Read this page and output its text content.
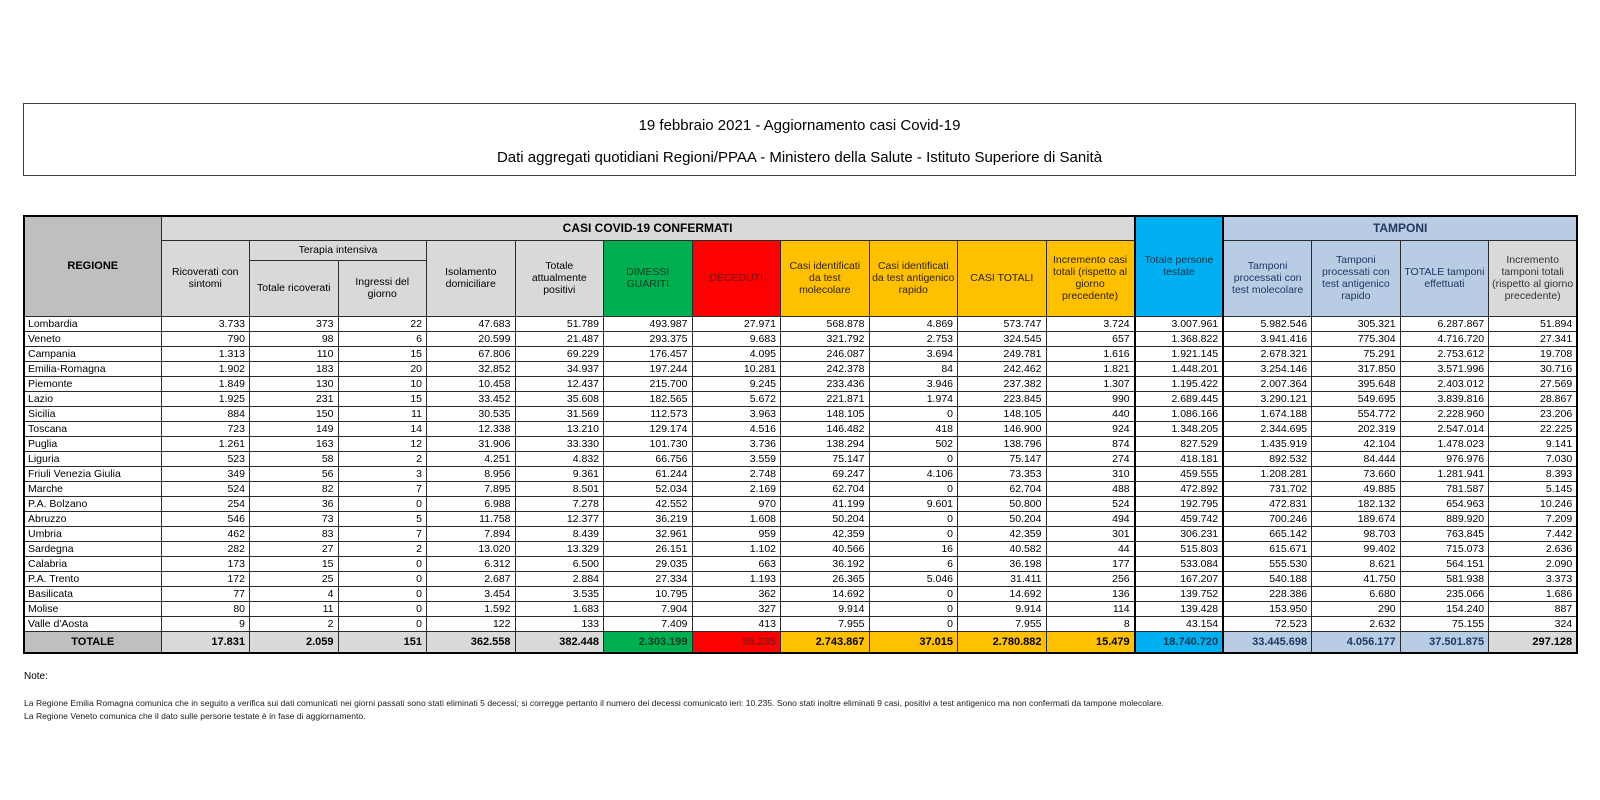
19 febbraio 2021 - Aggiornamento casi Covid-19
Dati aggregati quotidiani Regioni/PPAA - Ministero della Salute - Istituto Superiore di Sanità
REGIONE	CASI COVID-19 CONFERMATI											Totale persone testate	TAMPONI			
	Ricoverati con sintomi	Terapia intensiva		Isolamento domiciliare	Totale attualmente positivi	DIMESSI GUARITI	DECEDUTI	Casi identificati da test molecolare	Casi identificati da test antigenico rapido	CASI TOTALI	Incremento casi totali (rispetto al giorno precedente)		Tamponi processati con test molecolare	Tamponi processati con test antigenico rapido	TOTALE tamponi effettuati	Incremento tamponi totali (rispetto al giorno precedente)
		Totale ricoverati	Ingressi del giorno													
Lombardia	3.733	373	22	47.683	51.789	493.987	27.971	568.878	4.869	573.747	3.724	3.007.961	5.982.546	305.321	6.287.867	51.894
Veneto	790	98	6	20.599	21.487	293.375	9.683	321.792	2.753	324.545	657	1.368.822	3.941.416	775.304	4.716.720	27.341
Campania	1.313	110	15	67.806	69.229	176.457	4.095	246.087	3.694	249.781	1.616	1.921.145	2.678.321	75.291	2.753.612	19.708
Emilia-Romagna	1.902	183	20	32.852	34.937	197.244	10.281	242.378	84	242.462	1.821	1.448.201	3.254.146	317.850	3.571.996	30.716
Piemonte	1.849	130	10	10.458	12.437	215.700	9.245	233.436	3.946	237.382	1.307	1.195.422	2.007.364	395.648	2.403.012	27.569
Lazio	1.925	231	15	33.452	35.608	182.565	5.672	221.871	1.974	223.845	990	2.689.445	3.290.121	549.695	3.839.816	28.867
Sicilia	884	150	11	30.535	31.569	112.573	3.963	148.105	0	148.105	440	1.086.166	1.674.188	554.772	2.228.960	23.206
Toscana	723	149	14	12.338	13.210	129.174	4.516	146.482	418	146.900	924	1.348.205	2.344.695	202.319	2.547.014	22.225
Puglia	1.261	163	12	31.906	33.330	101.730	3.736	138.294	502	138.796	874	827.529	1.435.919	42.104	1.478.023	9.141
Liguria	523	58	2	4.251	4.832	66.756	3.559	75.147	0	75.147	274	418.181	892.532	84.444	976.976	7.030
Friuli Venezia Giulia	349	56	3	8.956	9.361	61.244	2.748	69.247	4.106	73.353	310	459.555	1.208.281	73.660	1.281.941	8.393
Marche	524	82	7	7.895	8.501	52.034	2.169	62.704	0	62.704	488	472.892	731.702	49.885	781.587	5.145
P.A. Bolzano	254	36	0	6.988	7.278	42.552	970	41.199	9.601	50.800	524	192.795	472.831	182.132	654.963	10.246
Abruzzo	546	73	5	11.758	12.377	36.219	1.608	50.204	0	50.204	494	459.742	700.246	189.674	889.920	7.209
Umbria	462	83	7	7.894	8.439	32.961	959	42.359	0	42.359	301	306.231	665.142	98.703	763.845	7.442
Sardegna	282	27	2	13.020	13.329	26.151	1.102	40.566	16	40.582	44	515.803	615.671	99.402	715.073	2.636
Calabria	173	15	0	6.312	6.500	29.035	663	36.192	6	36.198	177	533.084	555.530	8.621	564.151	2.090
P.A. Trento	172	25	0	2.687	2.884	27.334	1.193	26.365	5.046	31.411	256	167.207	540.188	41.750	581.938	3.373
Basilicata	77	4	0	3.454	3.535	10.795	362	14.692	0	14.692	136	139.752	228.386	6.680	235.066	1.686
Molise	80	11	0	1.592	1.683	7.904	327	9.914	0	9.914	114	139.428	153.950	290	154.240	887
Valle d'Aosta	9	2	0	122	133	7.409	413	7.955	0	7.955	8	43.154	72.523	2.632	75.155	324
TOTALE	17.831	2.059	151	362.558	382.448	2.303.199	95.235	2.743.867	37.015	2.780.882	15.479	18.740.720	33.445.698	4.056.177	37.501.875	297.128
Note:
La Regione Emilia Romagna comunica che in seguito a verifica sui dati comunicati nei giorni passati sono stati eliminati 5 decessi; si corregge pertanto il numero dei decessi comunicato ieri: 10.235. Sono stati inoltre eliminati 9 casi, positivi a test antigenico ma non confermati da tampone molecolare.
La Regione Veneto comunica che il dato sulle persone testate è in fase di aggiornamento.
